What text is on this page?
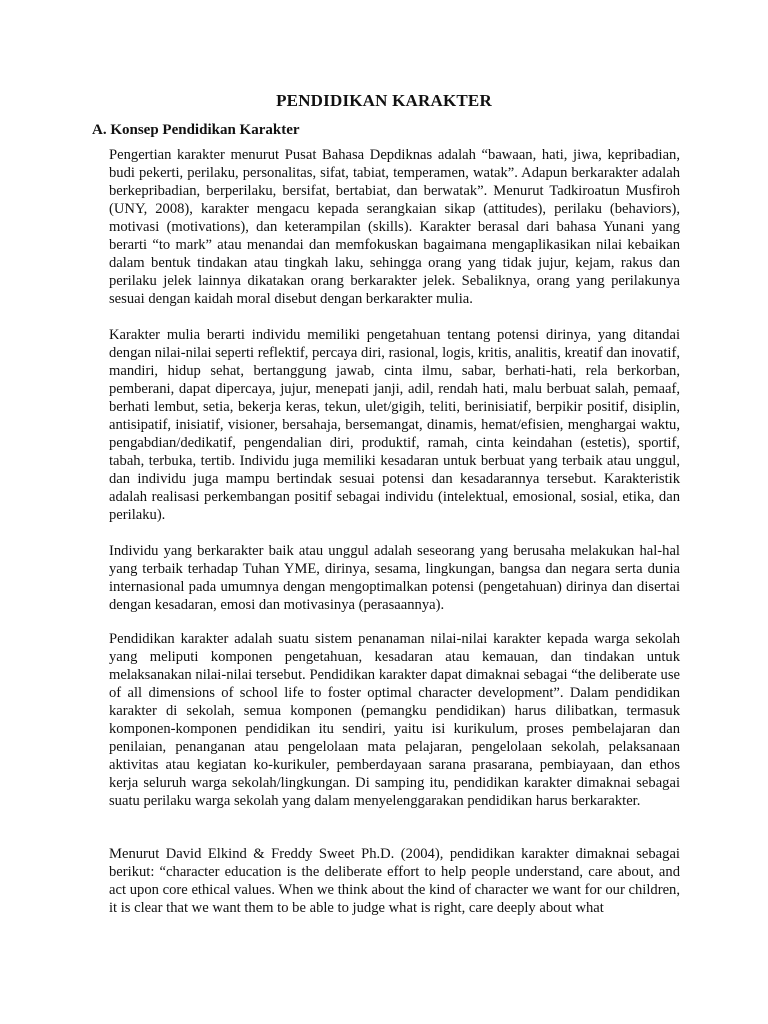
PENDIDIKAN KARAKTER
A. Konsep Pendidikan Karakter

Pengertian karakter menurut Pusat Bahasa Depdiknas adalah “bawaan, hati, jiwa, kepribadian, budi pekerti, perilaku, personalitas, sifat, tabiat, temperamen, watak”. Adapun berkarakter adalah berkepribadian, berperilaku, bersifat, bertabiat, dan berwatak”. Menurut Tadkiroatun Musfiroh (UNY, 2008), karakter mengacu kepada serangkaian sikap (attitudes), perilaku (behaviors), motivasi (motivations), dan keterampilan (skills). Karakter berasal dari bahasa Yunani yang berarti “to mark” atau menandai dan memfokuskan bagaimana mengaplikasikan nilai kebaikan dalam bentuk tindakan atau tingkah laku, sehingga orang yang tidak jujur, kejam, rakus dan perilaku jelek lainnya dikatakan orang berkarakter jelek. Sebaliknya, orang yang perilakunya sesuai dengan kaidah moral disebut dengan berkarakter mulia.

Karakter mulia berarti individu memiliki pengetahuan tentang potensi dirinya, yang ditandai dengan nilai-nilai seperti reflektif, percaya diri, rasional, logis, kritis, analitis, kreatif dan inovatif, mandiri, hidup sehat, bertanggung jawab, cinta ilmu, sabar, berhati-hati, rela berkorban, pemberani, dapat dipercaya, jujur, menepati janji, adil, rendah hati, malu berbuat salah, pemaaf, berhati lembut, setia, bekerja keras, tekun, ulet/gigih, teliti, berinisiatif, berpikir positif, disiplin, antisipatif, inisiatif, visioner, bersahaja, bersemangat, dinamis, hemat/efisien, menghargai waktu, pengabdian/dedikatif, pengendalian diri, produktif, ramah, cinta keindahan (estetis), sportif, tabah, terbuka, tertib. Individu juga memiliki kesadaran untuk berbuat yang terbaik atau unggul, dan individu juga mampu bertindak sesuai potensi dan kesadarannya tersebut. Karakteristik adalah realisasi perkembangan positif sebagai individu (intelektual, emosional, sosial, etika, dan perilaku).

Individu yang berkarakter baik atau unggul adalah seseorang yang berusaha melakukan hal-hal yang terbaik terhadap Tuhan YME, dirinya, sesama, lingkungan, bangsa dan negara serta dunia internasional pada umumnya dengan mengoptimalkan potensi (pengetahuan) dirinya dan disertai dengan kesadaran, emosi dan motivasinya (perasaannya).

Pendidikan karakter adalah suatu sistem penanaman nilai-nilai karakter kepada warga sekolah yang meliputi komponen pengetahuan, kesadaran atau kemauan, dan tindakan untuk melaksanakan nilai-nilai tersebut. Pendidikan karakter dapat dimaknai sebagai “the deliberate use of all dimensions of school life to foster optimal character development”. Dalam pendidikan karakter di sekolah, semua komponen (pemangku pendidikan) harus dilibatkan, termasuk komponen-komponen pendidikan itu sendiri, yaitu isi kurikulum, proses pembelajaran dan penilaian, penanganan atau pengelolaan mata pelajaran, pengelolaan sekolah, pelaksanaan aktivitas atau kegiatan ko-kurikuler, pemberdayaan sarana prasarana, pembiayaan, dan ethos kerja seluruh warga sekolah/lingkungan. Di samping itu, pendidikan karakter dimaknai sebagai suatu perilaku warga sekolah yang dalam menyelenggarakan pendidikan harus berkarakter.

Menurut David Elkind & Freddy Sweet Ph.D. (2004), pendidikan karakter dimaknai sebagai berikut: “character education is the deliberate effort to help people understand, care about, and act upon core ethical values. When we think about the kind of character we want for our children, it is clear that we want them to be able to judge what is right, care deeply about what
